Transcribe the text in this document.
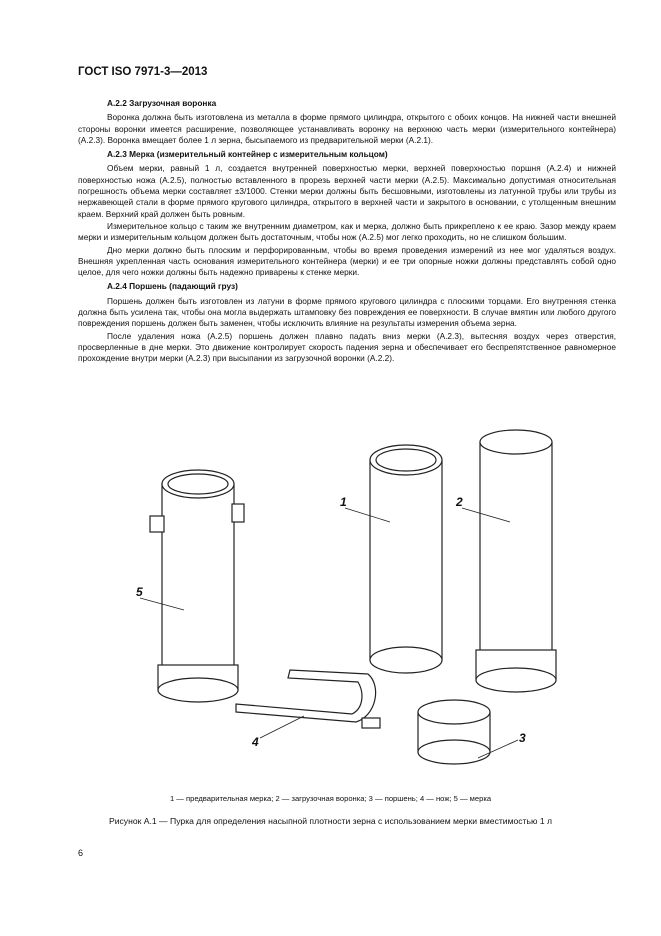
ГОСТ ISO 7971-3—2013

А.2.2 Загрузочная воронка

Воронка должна быть изготовлена из металла в форме прямого цилиндра, открытого с обоих концов. На нижней части внешней стороны воронки имеется расширение, позволяющее устанавливать воронку на верхнюю часть мерки (измерительного контейнера) (А.2.3). Воронка вмещает более 1 л зерна, бысыпаемого из предварительной мерки (А.2.1).

А.2.3 Мерка (измерительный контейнер с измерительным кольцом)

Объем мерки, равный 1 л, создается внутренней поверхностью мерки, верхней поверхностью поршня (А.2.4) и нижней поверхностью ножа (А.2.5), полностью вставленного в прорезь верхней части мерки (А.2.5). Максимально допустимая относительная погрешность объема мерки составляет ±3/1000. Стенки мерки должны быть бесшовными, изготовлены из латунной трубы или трубы из нержавеющей стали в форме прямого кругового цилиндра, открытого в верхней части и закрытого в основании, с утолщенным внешним краем. Верхний край должен быть ровным.

Измерительное кольцо с таким же внутренним диаметром, как и мерка, должно быть прикреплено к ее краю. Зазор между краем мерки и измерительным кольцом должен быть достаточным, чтобы нож (А.2.5) мог легко проходить, но не слишком большим.

Дно мерки должно быть плоским и перфорированным, чтобы во время проведения измерений из нее мог удаляться воздух. Внешняя укрепленная часть основания измерительного контейнера (мерки) и ее три опорные ножки должны представлять собой одно целое, для чего ножки должны быть надежно приварены к стенке мерки.

А.2.4 Поршень (падающий груз)

Поршень должен быть изготовлен из латуни в форме прямого кругового цилиндра с плоскими торцами. Его внутренняя стенка должна быть усилена так, чтобы она могла выдержать штамповку без повреждения ее поверхности. В случае вмятин или любого другого повреждения поршень должен быть заменен, чтобы исключить влияние на результаты измерения объема зерна.

После удаления ножа (А.2.5) поршень должен плавно падать вниз мерки (А.2.3), вытесняя воздух через отверстия, просверленные в дне мерки. Это движение контролирует скорость падения зерна и обеспечивает его беспрепятственное равномерное прохождение внутри мерки (А.2.3) при высыпании из загрузочной воронки (А.2.2).

1	2
3
4
5
1 — предварительная мерка; 2 — загрузочная воронка; 3 — поршень; 4 — нож; 5 — мерка
Рисунок А.1 — Пурка для определения насыпной плотности зерна с использованием мерки вместимостью 1 л
6
